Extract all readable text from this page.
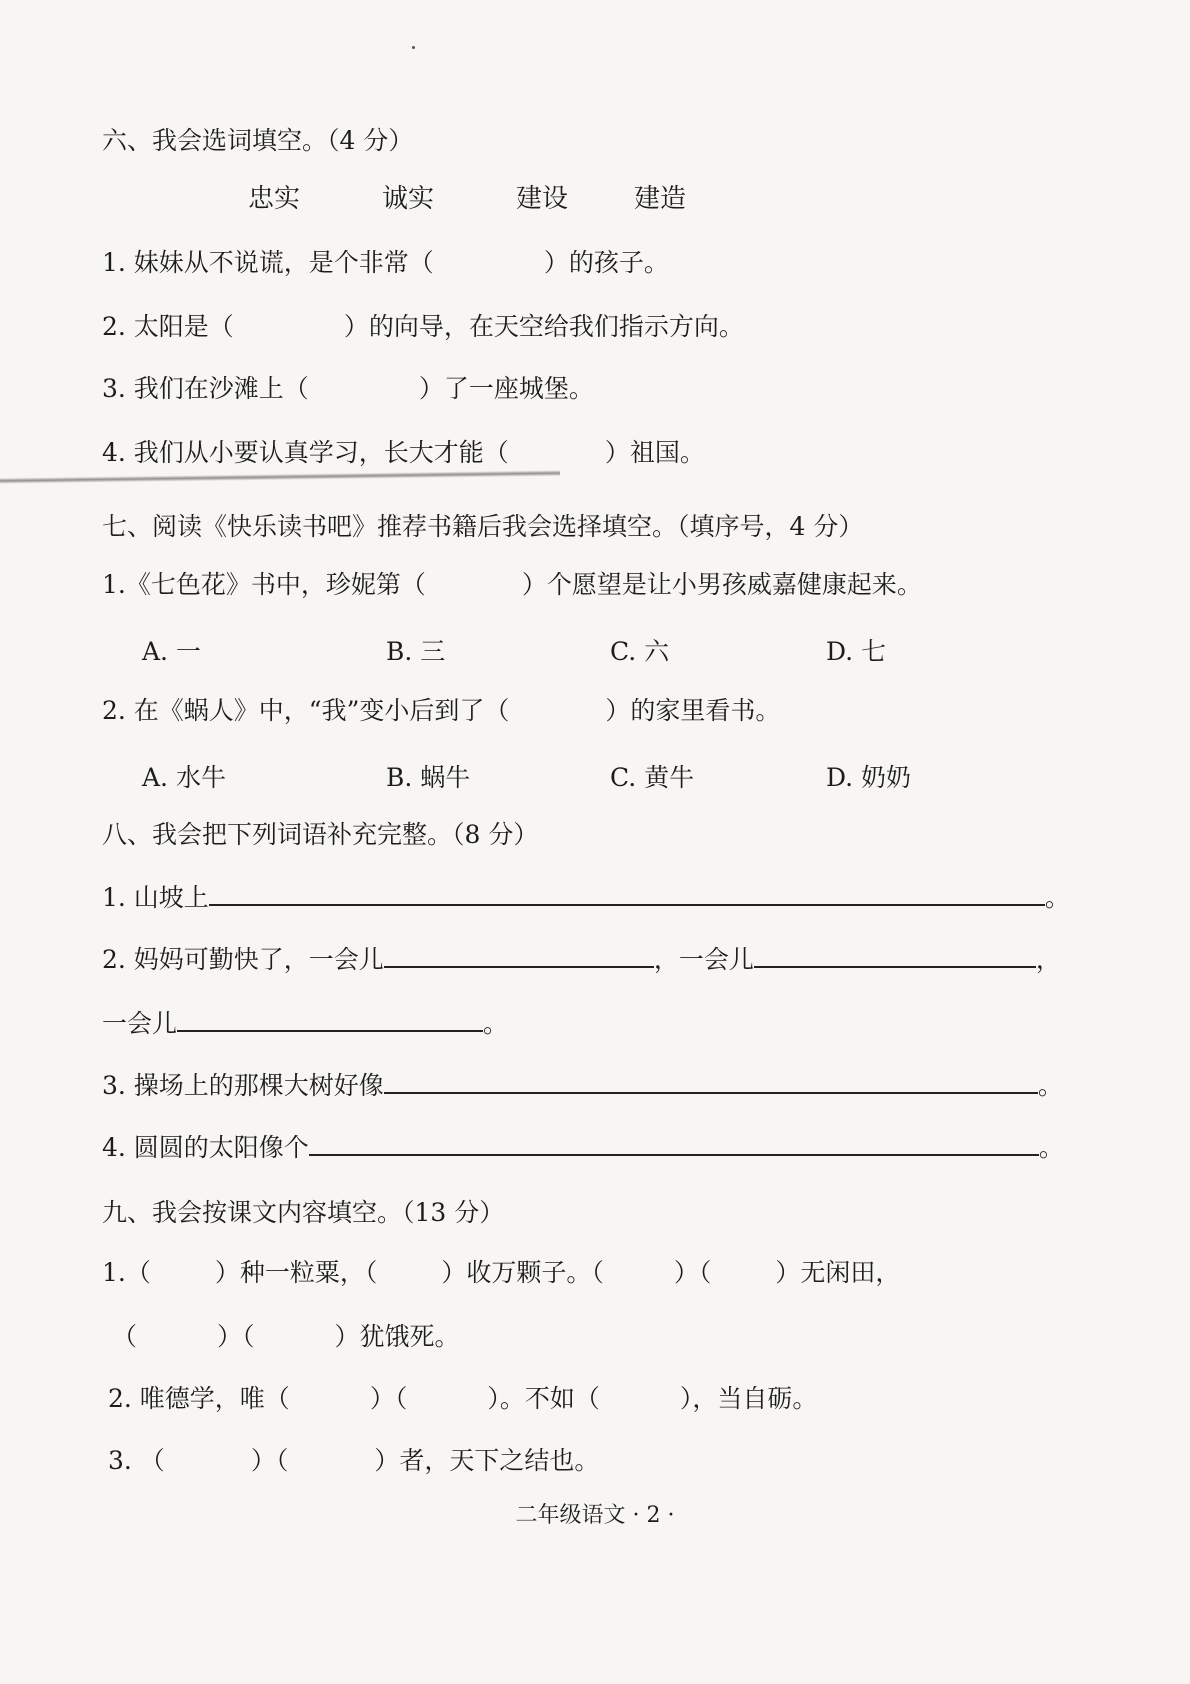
六、我会选词填空。（4 分）
忠实	诚实	建设	建造
1. 妹妹从不说谎，是个非常（	）的孩子。
2. 太阳是（	）的向导，在天空给我们指示方向。
3. 我们在沙滩上（	）了一座城堡。
4. 我们从小要认真学习，长大才能（	）祖国。
七、阅读《快乐读书吧》推荐书籍后我会选择填空。（填序号，4 分）
1.《七色花》书中，珍妮第（	）个愿望是让小男孩威嘉健康起来。
A. 一	B. 三	C. 六	D. 七
2. 在《蜗人》中，“我”变小后到了（	）的家里看书。
A. 水牛	B. 蜗牛	C. 黄牛	D. 奶奶
八、我会把下列词语补充完整。（8 分）
1. 山坡上	。
2. 妈妈可勤快了，一会儿	，一会儿	，
一会儿	。
3. 操场上的那棵大树好像	。
4. 圆圆的太阳像个	。
九、我会按课文内容填空。（13 分）
1.（	）种一粒粟，（	）收万颗子。（	）（	）无闲田，
（	）（	）犹饿死。
2. 唯德学，唯（	）（	）。不如（	），当自砺。
3. （	）（	）者，天下之结也。
二年级语文 · 2 ·
